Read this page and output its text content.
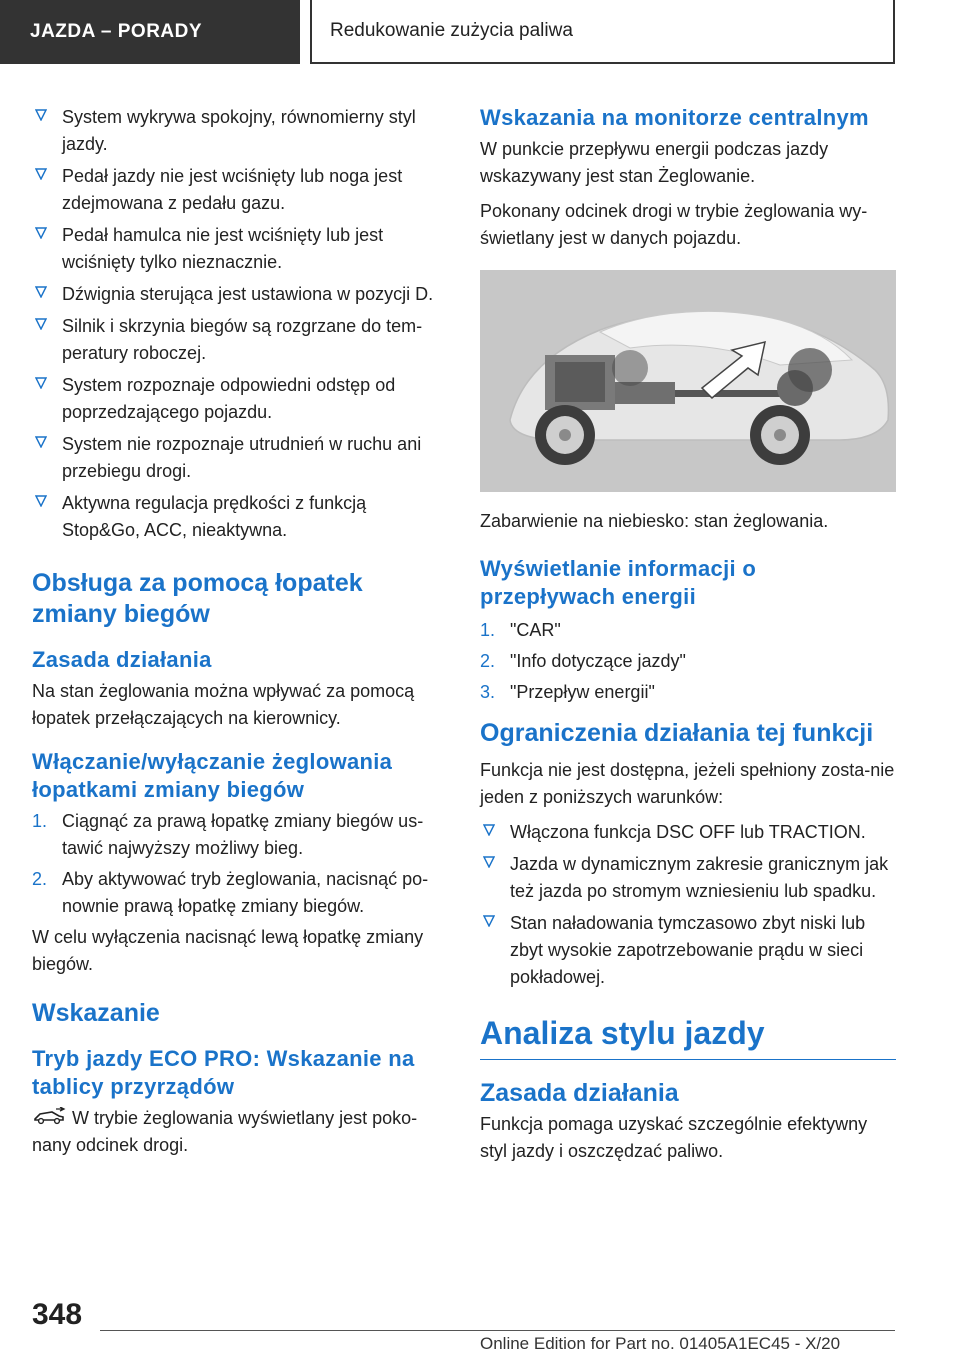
JAZDA – PORADY	Redukowanie zużycia paliwa
System wykrywa spokojny, równomierny styl jazdy.
Pedał jazdy nie jest wciśnięty lub noga jest zdejmowana z pedału gazu.
Pedał hamulca nie jest wciśnięty lub jest wciśnięty tylko nieznacznie.
Dźwignia sterująca jest ustawiona w pozycji D.
Silnik i skrzynia biegów są rozgrzane do tem‐peratury roboczej.
System rozpoznaje odpowiedni odstęp od poprzedzającego pojazdu.
System nie rozpoznaje utrudnień w ruchu ani przebiegu drogi.
Aktywna regulacja prędkości z funkcją Stop&Go, ACC, nieaktywna.
Obsługa za pomocą łopatek zmiany biegów
Zasada działania

Na stan żeglowania można wpływać za pomocą łopatek przełączających na kierownicy.

Włączanie/wyłączanie żeglowania łopatkami zmiany biegów
1. Ciągnąć za prawą łopatkę zmiany biegów us‐tawić najwyższy możliwy bieg.
2. Aby aktywować tryb żeglowania, nacisnąć po‐nownie prawą łopatkę zmiany biegów.

W celu wyłączenia nacisnąć lewą łopatkę zmiany biegów.

Wskazanie
Tryb jazdy ECO PRO: Wskazanie na tablicy przyrządów

W trybie żeglowania wyświetlany jest poko‐nany odcinek drogi.

Wskazania na monitorze centralnym

W punkcie przepływu energii podczas jazdy wskazywany jest stan Żeglowanie.

Pokonany odcinek drogi w trybie żeglowania wy‐świetlany jest w danych pojazdu.

Zabarwienie na niebiesko: stan żeglowania.

Wyświetlanie informacji o przepływach energii
1. "CAR"
2. "Info dotyczące jazdy"
3. "Przepływ energii"
Ograniczenia działania tej funkcji

Funkcja nie jest dostępna, jeżeli spełniony zosta‐nie jeden z poniższych warunków:

Włączona funkcja DSC OFF lub TRACTION.
Jazda w dynamicznym zakresie granicznym jak też jazda po stromym wzniesieniu lub spadku.
Stan naładowania tymczasowo zbyt niski lub zbyt wysokie zapotrzebowanie prądu w sieci pokładowej.
Analiza stylu jazdy
Zasada działania

Funkcja pomaga uzyskać szczególnie efektywny styl jazdy i oszczędzać paliwo.

348
Online Edition for Part no. 01405A1EC45 - X/20
